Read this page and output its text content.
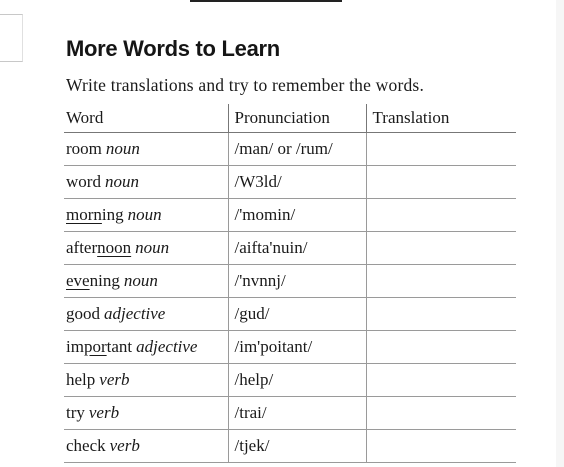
More Words to Learn
Write translations and try to remember the words.
Word	Pronunciation	Translation
room noun	/man/ or /rum/	
word noun	/W3ld/	
morning noun	/'momin/	
afternoon noun	/aifta'nuin/	
evening noun	/'nvnnj/	
good adjective	/gud/	
important adjective	/im'poitant/	
help verb	/help/	
try verb	/trai/	
check verb	/tjek/	
